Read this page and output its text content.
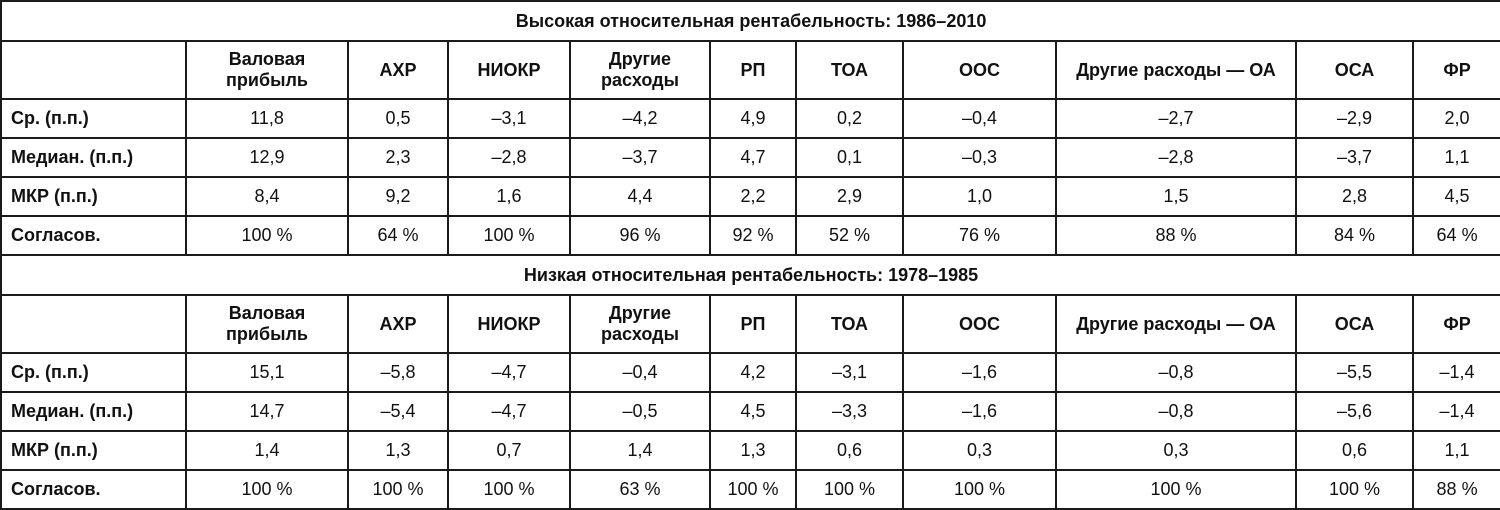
Высокая относительная рентабельность: 1986–2010										
	Валовая прибыль	АХР	НИОКР	Другие расходы	РП	ТОА	ООС	Другие расходы — ОА	ОСА	ФР
Ср. (п.п.)	11,8	0,5	–3,1	–4,2	4,9	0,2	–0,4	–2,7	–2,9	2,0
Медиан. (п.п.)	12,9	2,3	–2,8	–3,7	4,7	0,1	–0,3	–2,8	–3,7	1,1
МКР (п.п.)	8,4	9,2	1,6	4,4	2,2	2,9	1,0	1,5	2,8	4,5
Согласов.	100 %	64 %	100 %	96 %	92 %	52 %	76 %	88 %	84 %	64 %
Низкая относительная рентабельность: 1978–1985										
	Валовая прибыль	АХР	НИОКР	Другие расходы	РП	ТОА	ООС	Другие расходы — ОА	ОСА	ФР
Ср. (п.п.)	15,1	–5,8	–4,7	–0,4	4,2	–3,1	–1,6	–0,8	–5,5	–1,4
Медиан. (п.п.)	14,7	–5,4	–4,7	–0,5	4,5	–3,3	–1,6	–0,8	–5,6	–1,4
МКР (п.п.)	1,4	1,3	0,7	1,4	1,3	0,6	0,3	0,3	0,6	1,1
Согласов.	100 %	100 %	100 %	63 %	100 %	100 %	100 %	100 %	100 %	88 %
